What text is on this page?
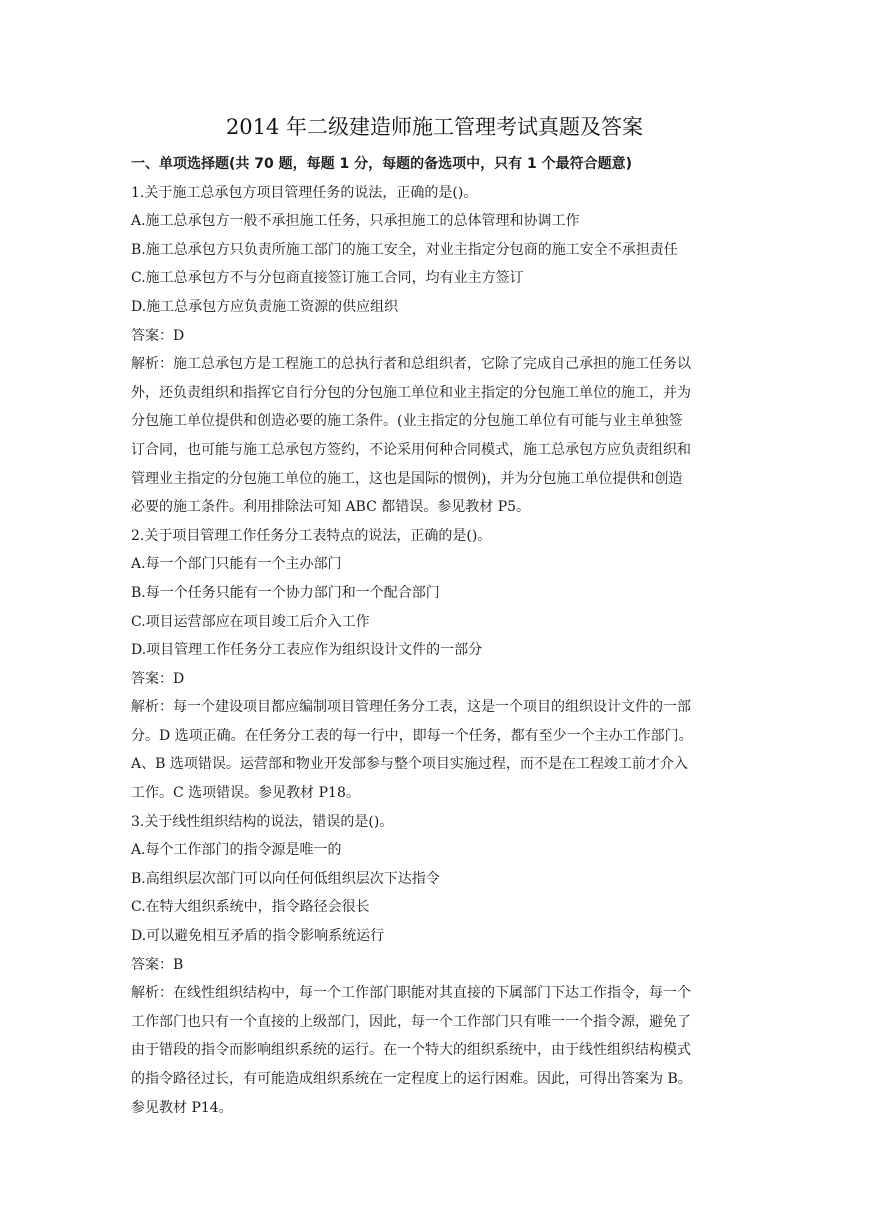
2014 年二级建造师施工管理考试真题及答案
一、单项选择题(共 70 题，每题 1 分，每题的备选项中，只有 1 个最符合题意)
1.关于施工总承包方项目管理任务的说法，正确的是()。
A.施工总承包方一般不承担施工任务，只承担施工的总体管理和协调工作
B.施工总承包方只负责所施工部门的施工安全，对业主指定分包商的施工安全不承担责任
C.施工总承包方不与分包商直接签订施工合同，均有业主方签订
D.施工总承包方应负责施工资源的供应组织
答案：D
解析：施工总承包方是工程施工的总执行者和总组织者，它除了完成自己承担的施工任务以
外，还负责组织和指挥它自行分包的分包施工单位和业主指定的分包施工单位的施工，并为
分包施工单位提供和创造必要的施工条件。(业主指定的分包施工单位有可能与业主单独签
订合同，也可能与施工总承包方签约，不论采用何种合同模式，施工总承包方应负责组织和
管理业主指定的分包施工单位的施工，这也是国际的惯例)，并为分包施工单位提供和创造
必要的施工条件。利用排除法可知 ABC 都错误。参见教材 P5。
2.关于项目管理工作任务分工表特点的说法，正确的是()。
A.每一个部门只能有一个主办部门
B.每一个任务只能有一个协力部门和一个配合部门
C.项目运营部应在项目竣工后介入工作
D.项目管理工作任务分工表应作为组织设计文件的一部分
答案：D
解析：每一个建设项目都应编制项目管理任务分工表，这是一个项目的组织设计文件的一部
分。D 选项正确。在任务分工表的每一行中，即每一个任务，都有至少一个主办工作部门。
A、B 选项错误。运营部和物业开发部参与整个项目实施过程，而不是在工程竣工前才介入
工作。C 选项错误。参见教材 P18。
3.关于线性组织结构的说法，错误的是()。
A.每个工作部门的指令源是唯一的
B.高组织层次部门可以向任何低组织层次下达指令
C.在特大组织系统中，指令路径会很长
D.可以避免相互矛盾的指令影响系统运行
答案：B
解析：在线性组织结构中，每一个工作部门职能对其直接的下属部门下达工作指令，每一个
工作部门也只有一个直接的上级部门，因此，每一个工作部门只有唯一一个指令源，避免了
由于错段的指令而影响组织系统的运行。在一个特大的组织系统中，由于线性组织结构模式
的指令路径过长，有可能造成组织系统在一定程度上的运行困难。因此，可得出答案为 B。
参见教材 P14。
